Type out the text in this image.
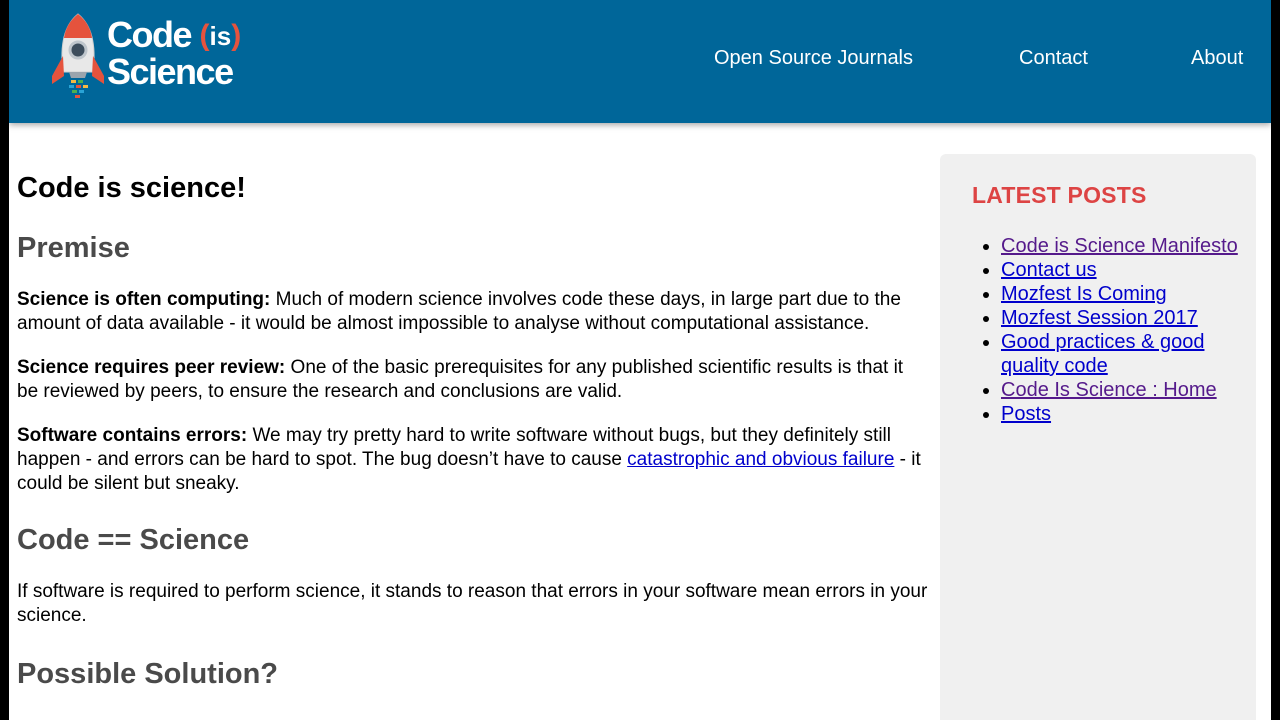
Code (is)
Science	Open Source Journals	Contact	About
Code is science!
Premise

Science is often computing: Much of modern science involves code these days, in large part due to the amount of data available - it would be almost impossible to analyse without computational assistance.

Science requires peer review: One of the basic prerequisites for any published scientific results is that it be reviewed by peers, to ensure the research and conclusions are valid.

Software contains errors: We may try pretty hard to write software without bugs, but they definitely still happen - and errors can be hard to spot. The bug doesn’t have to cause catastrophic and obvious failure - it could be silent but sneaky.

Code == Science

If software is required to perform science, it stands to reason that errors in your software mean errors in your science.

Possible Solution?
LATEST POSTS
• Code is Science Manifesto
• Contact us
• Mozfest Is Coming
• Mozfest Session 2017
• Good practices & good quality code
• Code Is Science : Home
• Posts
